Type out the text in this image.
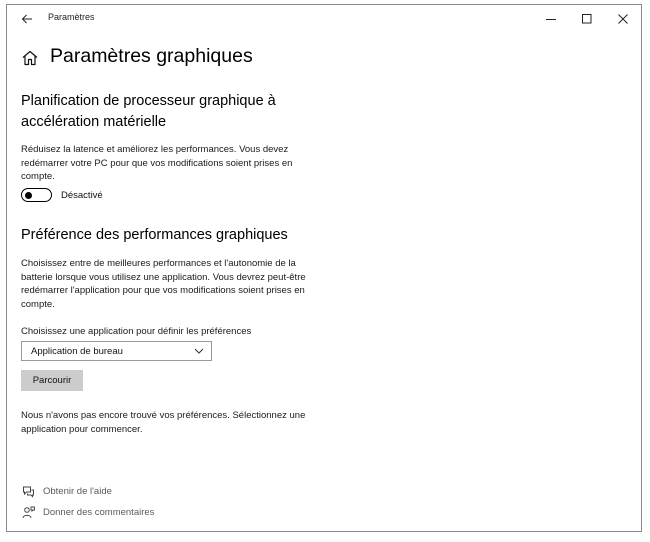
Paramètres
Paramètres graphiques
Planification de processeur graphique à accélération matérielle

Réduisez la latence et améliorez les performances. Vous devez redémarrer votre PC pour que vos modifications soient prises en compte.

Désactivé
Préférence des performances graphiques

Choisissez entre de meilleures performances et l'autonomie de la batterie lorsque vous utilisez une application. Vous devrez peut-être redémarrer l'application pour que vos modifications soient prises en compte.

Choisissez une application pour définir les préférences
Application de bureau
Parcourir

Nous n'avons pas encore trouvé vos préférences. Sélectionnez une application pour commencer.

Obtenir de l'aide
Donner des commentaires
